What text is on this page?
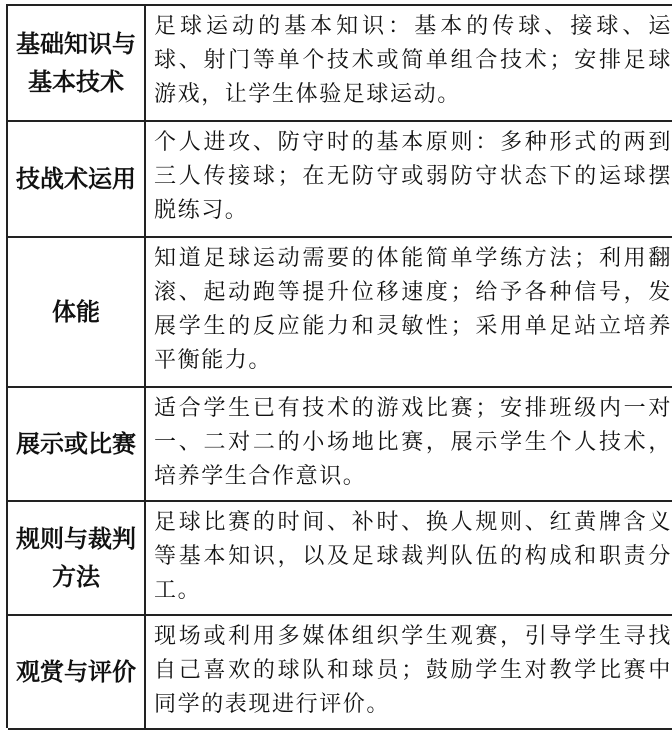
基础知识与基本技术
足球运动的基本知识：基本的传球、接球、运球、射门等单个技术或简单组合技术；安排足球游戏，让学生体验足球运动。
技战术运用
个人进攻、防守时的基本原则：多种形式的两到三人传接球；在无防守或弱防守状态下的运球摆脱练习。
体能
知道足球运动需要的体能简单学练方法；利用翻滚、起动跑等提升位移速度；给予各种信号，发展学生的反应能力和灵敏性；采用单足站立培养平衡能力。
展示或比赛
适合学生已有技术的游戏比赛；安排班级内一对一、二对二的小场地比赛，展示学生个人技术，培养学生合作意识。
规则与裁判方法
足球比赛的时间、补时、换人规则、红黄牌含义等基本知识，以及足球裁判队伍的构成和职责分工。
观赏与评价
现场或利用多媒体组织学生观赛，引导学生寻找自己喜欢的球队和球员；鼓励学生对教学比赛中同学的表现进行评价。
